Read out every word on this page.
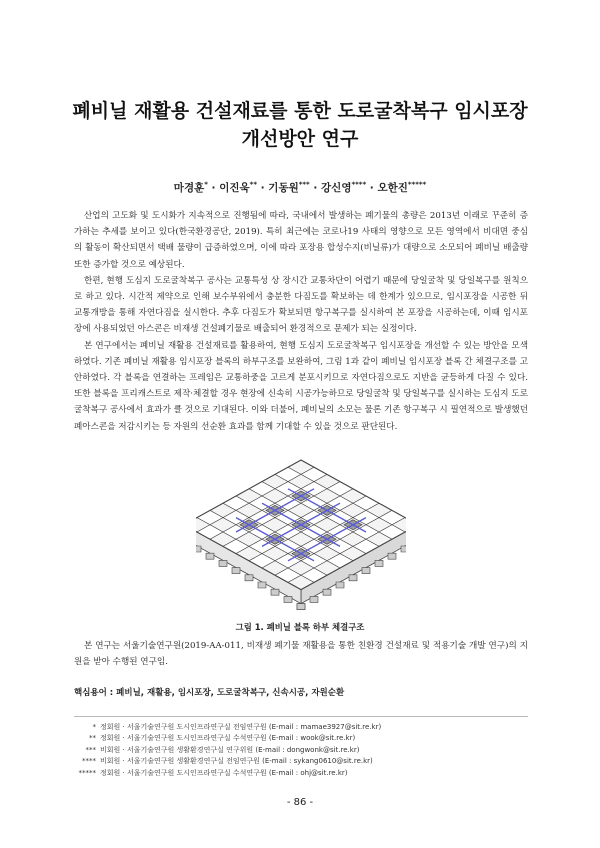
폐비닐 재활용 건설재료를 통한 도로굴착복구 임시포장
개선방안 연구
마경훈* · 이진욱** · 기동원*** · 강신영**** · 오한진*****

산업의 고도화 및 도시화가 지속적으로 진행됨에 따라, 국내에서 발생하는 폐기물의 총량은 2013년 이래로 꾸준히 증가하는 추세를 보이고 있다(한국환경공단, 2019). 특히 최근에는 코로나19 사태의 영향으로 모든 영역에서 비대면 중심의 활동이 확산되면서 택배 물량이 급증하였으며, 이에 따라 포장용 합성수지(비닐류)가 대량으로 소모되어 폐비닐 배출량 또한 증가할 것으로 예상된다.

한편, 현행 도심지 도로굴착복구 공사는 교통특성 상 장시간 교통차단이 어렵기 때문에 당일굴착 및 당일복구를 원칙으로 하고 있다. 시간적 제약으로 인해 보수부위에서 충분한 다짐도를 확보하는 데 한계가 있으므로, 임시포장을 시공한 뒤 교통개방을 통해 자연다짐을 실시한다. 추후 다짐도가 확보되면 항구복구를 실시하여 본 포장을 시공하는데, 이때 임시포장에 사용되었던 아스콘은 비재생 건설폐기물로 배출되어 환경적으로 문제가 되는 실정이다.

본 연구에서는 폐비닐 재활용 건설재료를 활용하여, 현행 도심지 도로굴착복구 임시포장을 개선할 수 있는 방안을 모색하였다. 기존 폐비닐 재활용 임시포장 블록의 하부구조를 보완하여, 그림 1과 같이 폐비닐 임시포장 블록 간 체결구조를 고안하였다. 각 블록을 연결하는 프레임은 교통하중을 고르게 분포시키므로 자연다짐으로도 지반을 균등하게 다질 수 있다. 또한 블록을 프리캐스트로 제작·체결할 경우 현장에 신속히 시공가능하므로 당일굴착 및 당일복구를 실시하는 도심지 도로굴착복구 공사에서 효과가 클 것으로 기대된다. 이와 더불어, 폐비닐의 소모는 물론 기존 항구복구 시 필연적으로 발생했던 폐아스콘을 저감시키는 등 자원의 선순환 효과를 함께 기대할 수 있을 것으로 판단된다.

그림 1. 폐비닐 블록 하부 체결구조

본 연구는 서울기술연구원(2019-AA-011, 비재생 폐기물 재활용을 통한 친환경 건설재료 및 적용기술 개발 연구)의 지원을 받아 수행된 연구임.

핵심용어 : 폐비닐, 재활용, 임시포장, 도로굴착복구, 신속시공, 자원순환
* 정회원 · 서울기술연구원 도시인프라연구실 전임연구원 (E-mail : mamae3927@sit.re.kr)
** 정회원 · 서울기술연구원 도시인프라연구실 수석연구원 (E-mail : wook@sit.re.kr)
*** 비회원 · 서울기술연구원 생활환경연구실 연구위원 (E-mail : dongwonk@sit.re.kr)
**** 비회원 · 서울기술연구원 생활환경연구실 전임연구원 (E-mail : sykang0610@sit.re.kr)
***** 정회원 · 서울기술연구원 도시인프라연구실 수석연구원 (E-mail : ohj@sit.re.kr)
- 86 -
